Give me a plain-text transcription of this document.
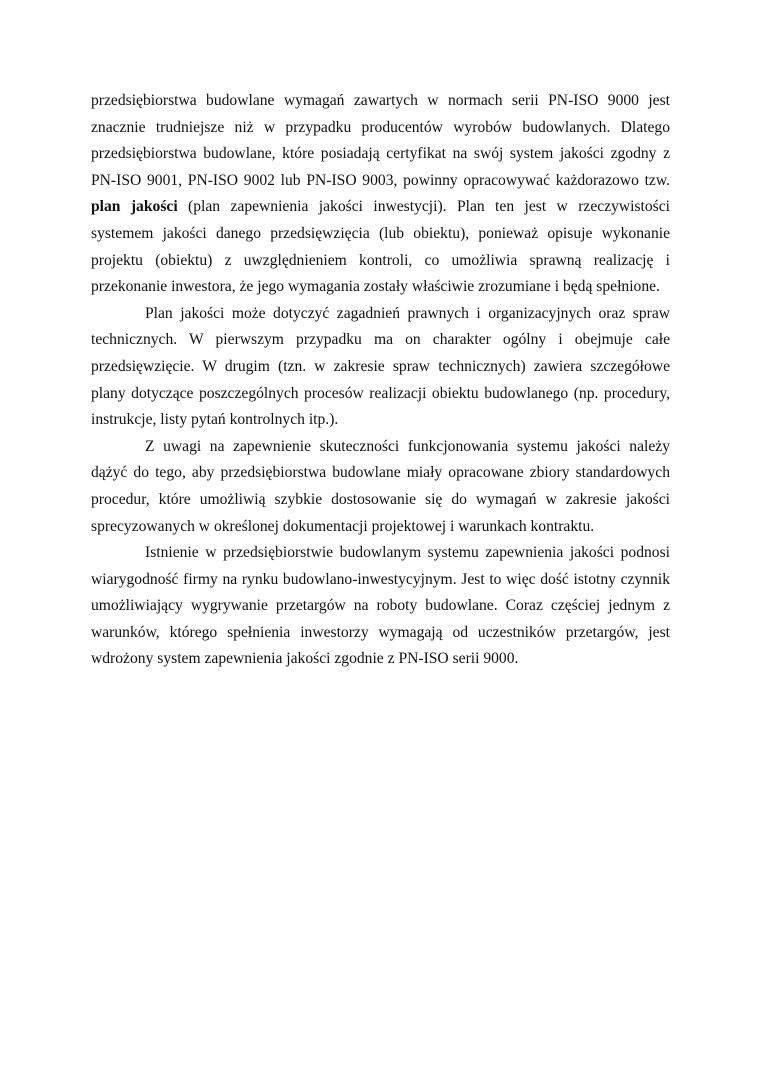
przedsiębiorstwa budowlane wymagań zawartych w normach serii PN-ISO 9000 jest znacznie trudniejsze niż w przypadku producentów wyrobów budowlanych. Dlatego przedsiębiorstwa budowlane, które posiadają certyfikat na swój system jakości zgodny z PN-ISO 9001, PN-ISO 9002 lub PN-ISO 9003, powinny opracowywać każdorazowo tzw. plan jakości (plan zapewnienia jakości inwestycji). Plan ten jest w rzeczywistości systemem jakości danego przedsięwzięcia (lub obiektu), ponieważ opisuje wykonanie projektu (obiektu) z uwzględnieniem kontroli, co umożliwia sprawną realizację i przekonanie inwestora, że jego wymagania zostały właściwie zrozumiane i będą spełnione.

Plan jakości może dotyczyć zagadnień prawnych i organizacyjnych oraz spraw technicznych. W pierwszym przypadku ma on charakter ogólny i obejmuje całe przedsięwzięcie. W drugim (tzn. w zakresie spraw technicznych) zawiera szczegółowe plany dotyczące poszczególnych procesów realizacji obiektu budowlanego (np. procedury, instrukcje, listy pytań kontrolnych itp.).

Z uwagi na zapewnienie skuteczności funkcjonowania systemu jakości należy dążyć do tego, aby przedsiębiorstwa budowlane miały opracowane zbiory standardowych procedur, które umożliwią szybkie dostosowanie się do wymagań w zakresie jakości sprecyzowanych w określonej dokumentacji projektowej i warunkach kontraktu.

Istnienie w przedsiębiorstwie budowlanym systemu zapewnienia jakości podnosi wiarygodność firmy na rynku budowlano-inwestycyjnym. Jest to więc dość istotny czynnik umożliwiający wygrywanie przetargów na roboty budowlane. Coraz częściej jednym z warunków, którego spełnienia inwestorzy wymagają od uczestników przetargów, jest wdrożony system zapewnienia jakości zgodnie z PN-ISO serii 9000.
